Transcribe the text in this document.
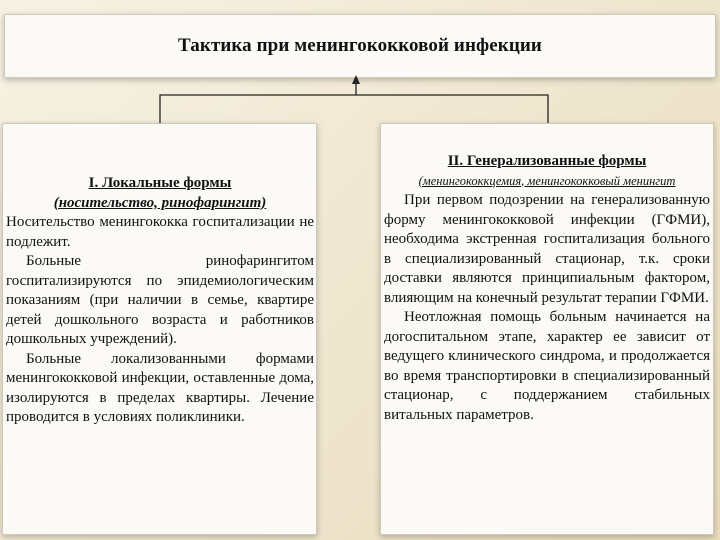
Тактика при менингококковой инфекции
I. Локальные формы
(носительство, ринофарингит)

Носительство менингококка госпитализации не подлежит.

Больные ринофарингитом госпитализируются по эпидемиологическим показаниям (при наличии в семье, квартире детей дошкольного возраста и работников дошкольных учреждений).

Больные локализованными формами менингококковой инфекции, оставленные дома, изолируются в пределах квартиры. Лечение проводится в условиях поликлиники.

II. Генерализованные формы
(менингококкцемия, менингококковый менингит

При первом подозрении на генерализованную форму менингококковой инфекции (ГФМИ), необходима экстренная госпитализация больного в специализированный стационар, т.к. сроки доставки являются принципиальным фактором, влияющим на конечный результат терапии ГФМИ.

Неотложная помощь больным начинается на догоспитальном этапе, характер ее зависит от ведущего клинического синдрома, и продолжается во время транспортировки в специализированный стационар, с поддержанием стабильных витальных параметров.
